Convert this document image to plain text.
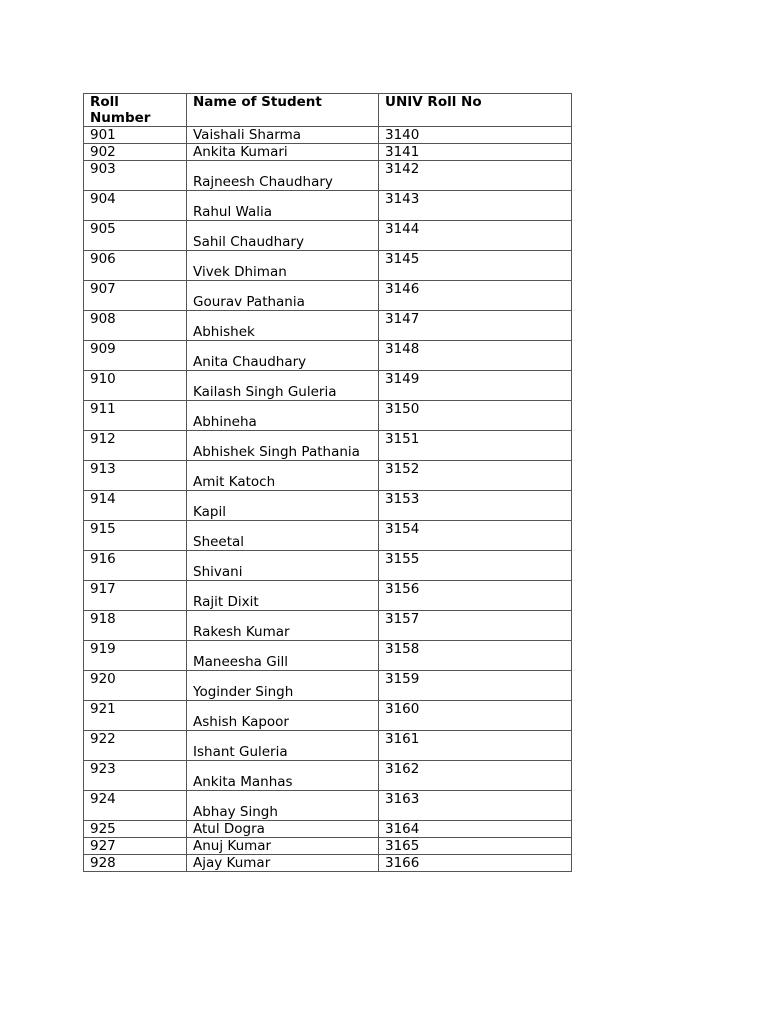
Roll
Number	Name of Student	UNIV Roll No
901	Vaishali Sharma	3140
902	Ankita Kumari	3141
903	Rajneesh Chaudhary	3142
904	Rahul Walia	3143
905	Sahil Chaudhary	3144
906	Vivek Dhiman	3145
907	Gourav Pathania	3146
908	Abhishek	3147
909	Anita Chaudhary	3148
910	Kailash Singh Guleria	3149
911	Abhineha	3150
912	Abhishek Singh Pathania	3151
913	Amit Katoch	3152
914	Kapil	3153
915	Sheetal	3154
916	Shivani	3155
917	Rajit Dixit	3156
918	Rakesh Kumar	3157
919	Maneesha Gill	3158
920	Yoginder Singh	3159
921	Ashish Kapoor	3160
922	Ishant Guleria	3161
923	Ankita Manhas	3162
924	Abhay Singh	3163
925	Atul Dogra	3164
927	Anuj Kumar	3165
928	Ajay Kumar	3166
